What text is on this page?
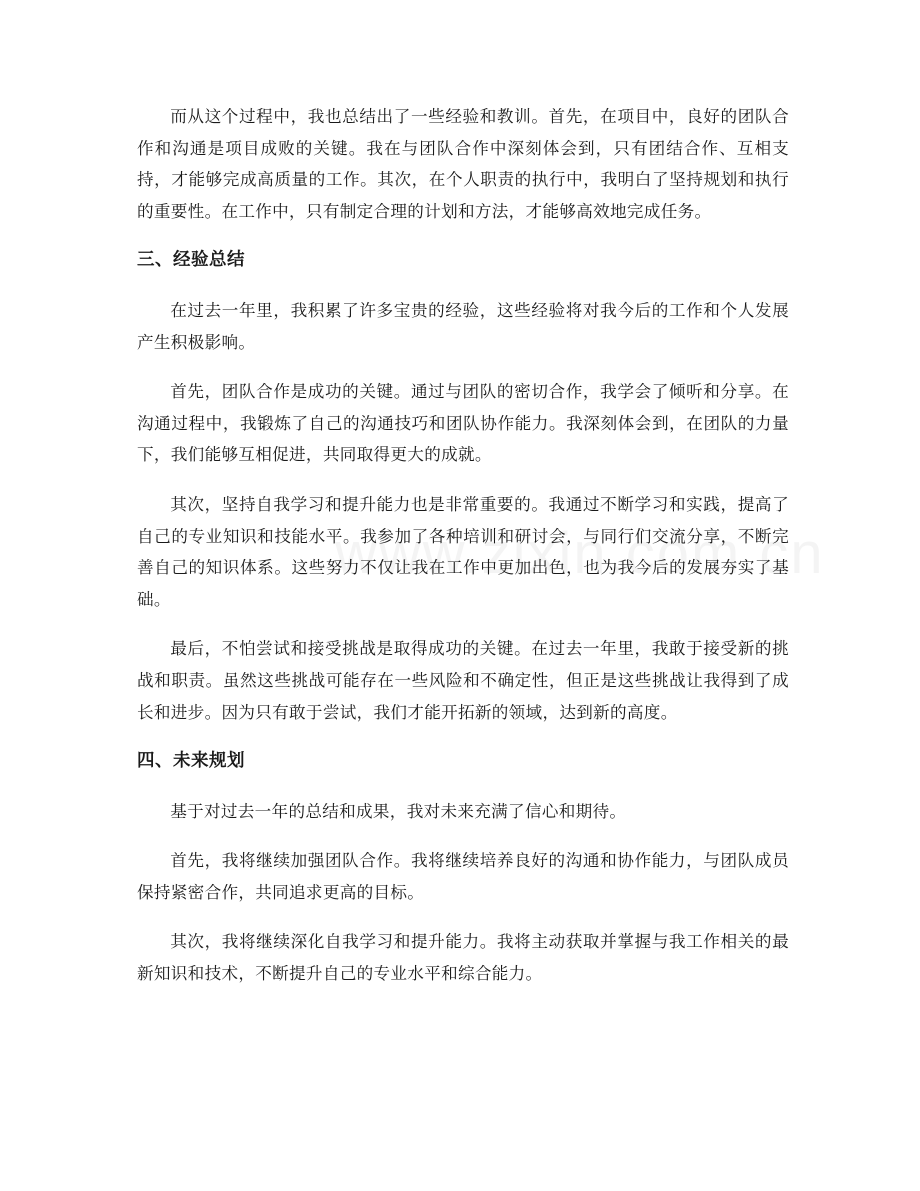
而从这个过程中，我也总结出了一些经验和教训。首先，在项目中，良好的团队合作和沟通是项目成败的关键。我在与团队合作中深刻体会到，只有团结合作、互相支持，才能够完成高质量的工作。其次，在个人职责的执行中，我明白了坚持规划和执行的重要性。在工作中，只有制定合理的计划和方法，才能够高效地完成任务。

三、经验总结

在过去一年里，我积累了许多宝贵的经验，这些经验将对我今后的工作和个人发展产生积极影响。

首先，团队合作是成功的关键。通过与团队的密切合作，我学会了倾听和分享。在沟通过程中，我锻炼了自己的沟通技巧和团队协作能力。我深刻体会到，在团队的力量下，我们能够互相促进，共同取得更大的成就。

其次，坚持自我学习和提升能力也是非常重要的。我通过不断学习和实践，提高了自己的专业知识和技能水平。我参加了各种培训和研讨会，与同行们交流分享，不断完善自己的知识体系。这些努力不仅让我在工作中更加出色，也为我今后的发展夯实了基础。

最后，不怕尝试和接受挑战是取得成功的关键。在过去一年里，我敢于接受新的挑战和职责。虽然这些挑战可能存在一些风险和不确定性，但正是这些挑战让我得到了成长和进步。因为只有敢于尝试，我们才能开拓新的领域，达到新的高度。

四、未来规划

基于对过去一年的总结和成果，我对未来充满了信心和期待。

首先，我将继续加强团队合作。我将继续培养良好的沟通和协作能力，与团队成员保持紧密合作，共同追求更高的目标。

其次，我将继续深化自我学习和提升能力。我将主动获取并掌握与我工作相关的最新知识和技术，不断提升自己的专业水平和综合能力。
